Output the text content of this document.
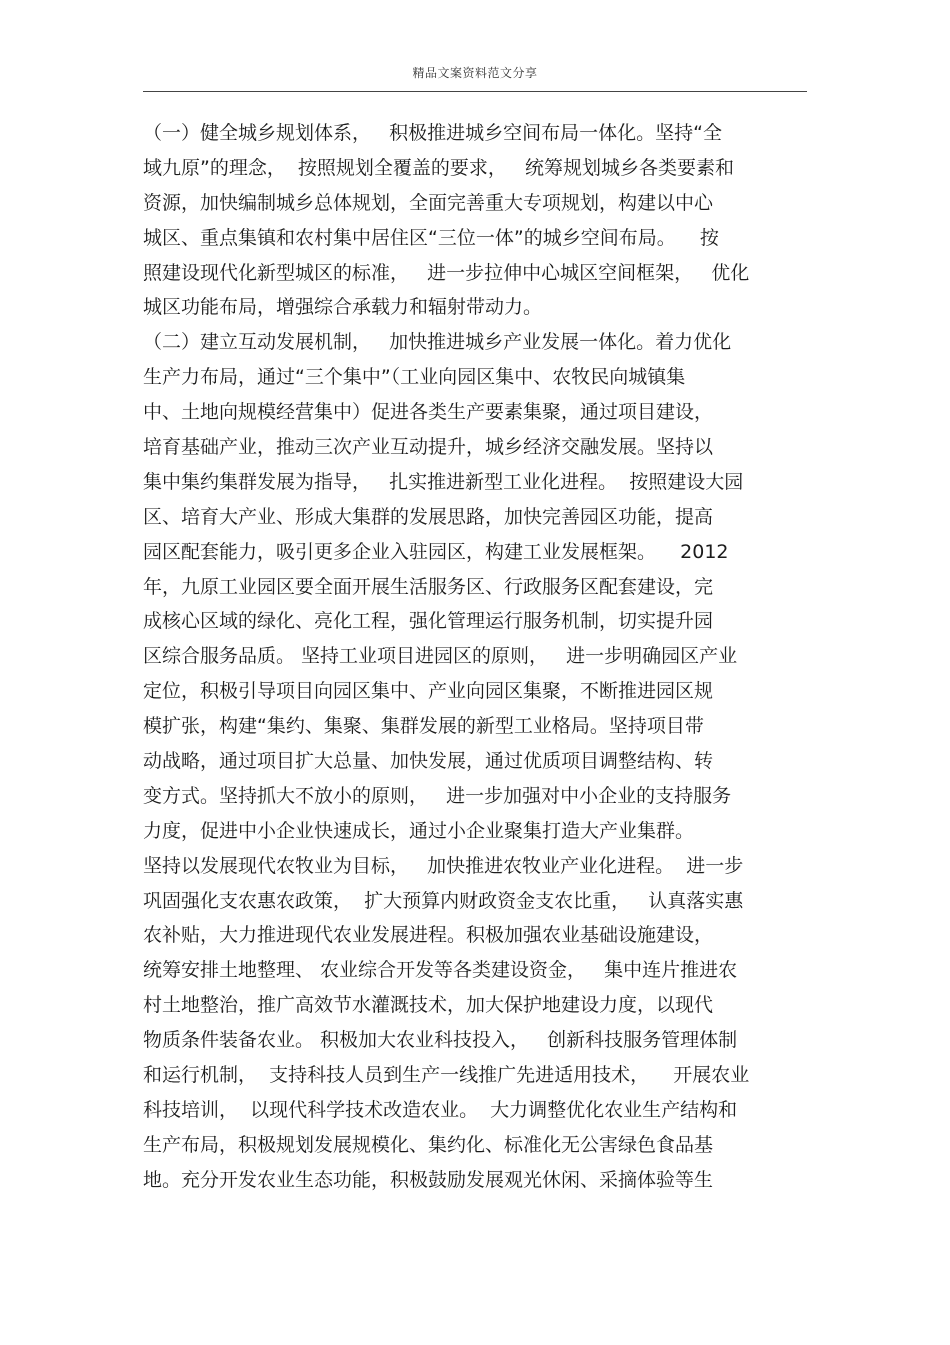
精品文案资料范文分享
（一）健全城乡规划体系，   积极推进城乡空间布局一体化。坚持“全
域九原”的理念，  按照规划全覆盖的要求，   统筹规划城乡各类要素和
资源，加快编制城乡总体规划，全面完善重大专项规划，构建以中心
城区、重点集镇和农村集中居住区“三位一体”的城乡空间布局。    按
照建设现代化新型城区的标准，   进一步拉伸中心城区空间框架，   优化
城区功能布局，增强综合承载力和辐射带动力。
（二）建立互动发展机制，   加快推进城乡产业发展一体化。着力优化
生产力布局，通过“三个集中”（工业向园区集中、农牧民向城镇集
中、土地向规模经营集中）促进各类生产要素集聚，通过项目建设，
培育基础产业，推动三次产业互动提升，城乡经济交融发展。坚持以
集中集约集群发展为指导，   扎实推进新型工业化进程。  按照建设大园
区、培育大产业、形成大集群的发展思路，加快完善园区功能，提高
园区配套能力，吸引更多企业入驻园区，构建工业发展框架。    2012
年，九原工业园区要全面开展生活服务区、行政服务区配套建设，完
成核心区域的绿化、亮化工程，强化管理运行服务机制，切实提升园
区综合服务品质。 坚持工业项目进园区的原则，   进一步明确园区产业
定位，积极引导项目向园区集中、产业向园区集聚，不断推进园区规
模扩张，构建“集约、集聚、集群发展的新型工业格局。坚持项目带
动战略，通过项目扩大总量、加快发展，通过优质项目调整结构、转
变方式。坚持抓大不放小的原则，   进一步加强对中小企业的支持服务
力度，促进中小企业快速成长，通过小企业聚集打造大产业集群。
坚持以发展现代农牧业为目标，   加快推进农牧业产业化进程。  进一步
巩固强化支农惠农政策，  扩大预算内财政资金支农比重，   认真落实惠
农补贴，大力推进现代农业发展进程。积极加强农业基础设施建设，
统筹安排土地整理、 农业综合开发等各类建设资金，   集中连片推进农
村土地整治，推广高效节水灌溉技术，加大保护地建设力度，以现代
物质条件装备农业。 积极加大农业科技投入，   创新科技服务管理体制
和运行机制，  支持科技人员到生产一线推广先进适用技术，    开展农业
科技培训，  以现代科学技术改造农业。  大力调整优化农业生产结构和
生产布局，积极规划发展规模化、集约化、标准化无公害绿色食品基
地。充分开发农业生态功能，积极鼓励发展观光休闲、采摘体验等生
